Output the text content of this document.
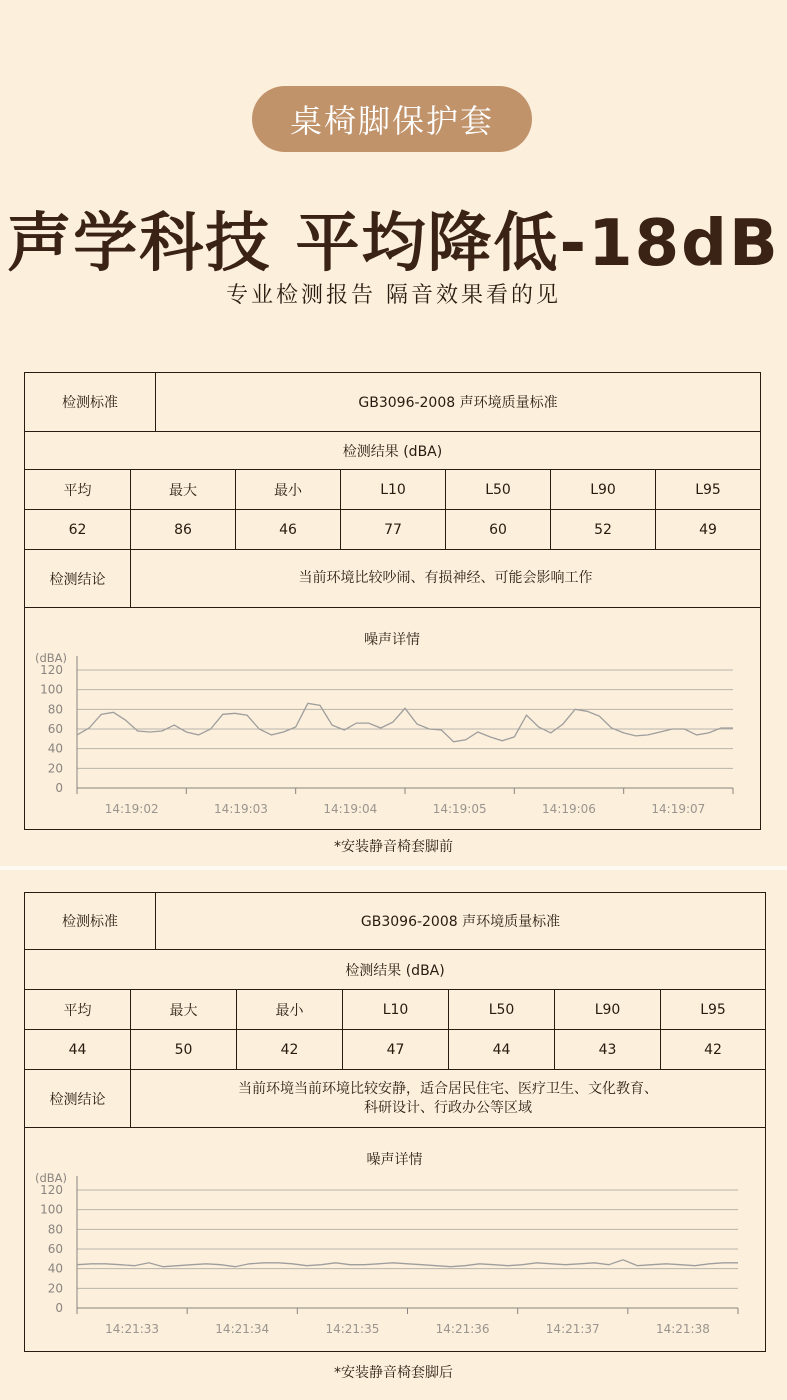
桌椅脚保护套
声学科技 平均降低-18dB
专业检测报告 隔音效果看的见
检测标准	GB3096-2008 声环境质量标准
检测结果 (dBA)
平均	最大	最小	L10	L50	L90	L95
62	86	46	77	60	52	49
检测结论	当前环境比较吵闹、有损神经、可能会影响工作
噪声详情
(dBA)
0
20
40
60
80
100
120
14:19:02	14:19:03	14:19:04	14:19:05	14:19:06	14:19:07
*安装静音椅套脚前
检测标准	GB3096-2008 声环境质量标准
检测结果 (dBA)
平均	最大	最小	L10	L50	L90	L95
44	50	42	47	44	43	42
检测结论
当前环境当前环境比较安静，适合居民住宅、医疗卫生、文化教育、
科研设计、行政办公等区域
噪声详情
(dBA)
0
20
40
60
80
100
120
14:21:33	14:21:34	14:21:35	14:21:36	14:21:37	14:21:38
*安装静音椅套脚后
